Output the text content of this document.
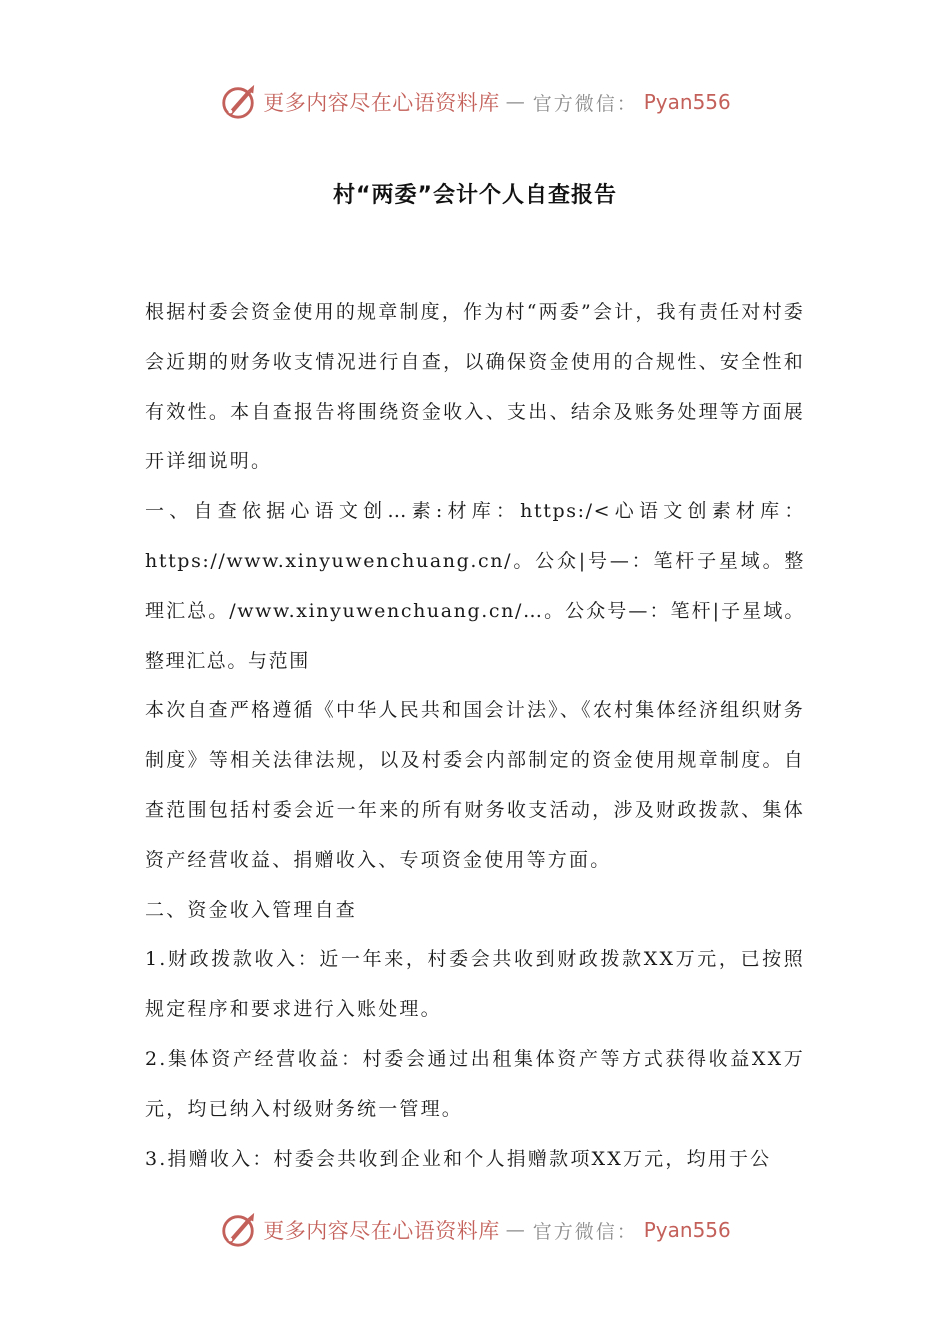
更多内容尽在心语资料库 — 官方微信： Pyan556
村“两委”会计个人自查报告

根据村委会资金使用的规章制度，作为村“两委”会计，我有责任对村委会近期的财务收支情况进行自查，以确保资金使用的合规性、安全性和有效性。本自查报告将围绕资金收入、支出、结余及账务处理等方面展开详细说明。

一、自查依据心语文创…素:材库：https:/<心语文创素材库：https://www.xinyuwenchuang.cn/。公众|号—：笔杆子星域。整理汇总。/www.xinyuwenchuang.cn/…。公众号—：笔杆|子星域。整理汇总。与范围

本次自查严格遵循《中华人民共和国会计法》、《农村集体经济组织财务制度》等相关法律法规，以及村委会内部制定的资金使用规章制度。自查范围包括村委会近一年来的所有财务收支活动，涉及财政拨款、集体资产经营收益、捐赠收入、专项资金使用等方面。

二、资金收入管理自查

1.财政拨款收入：近一年来，村委会共收到财政拨款XX万元，已按照规定程序和要求进行入账处理。

2.集体资产经营收益：村委会通过出租集体资产等方式获得收益XX万元，均已纳入村级财务统一管理。

3.捐赠收入：村委会共收到企业和个人捐赠款项XX万元，均用于公

更多内容尽在心语资料库 — 官方微信： Pyan556
